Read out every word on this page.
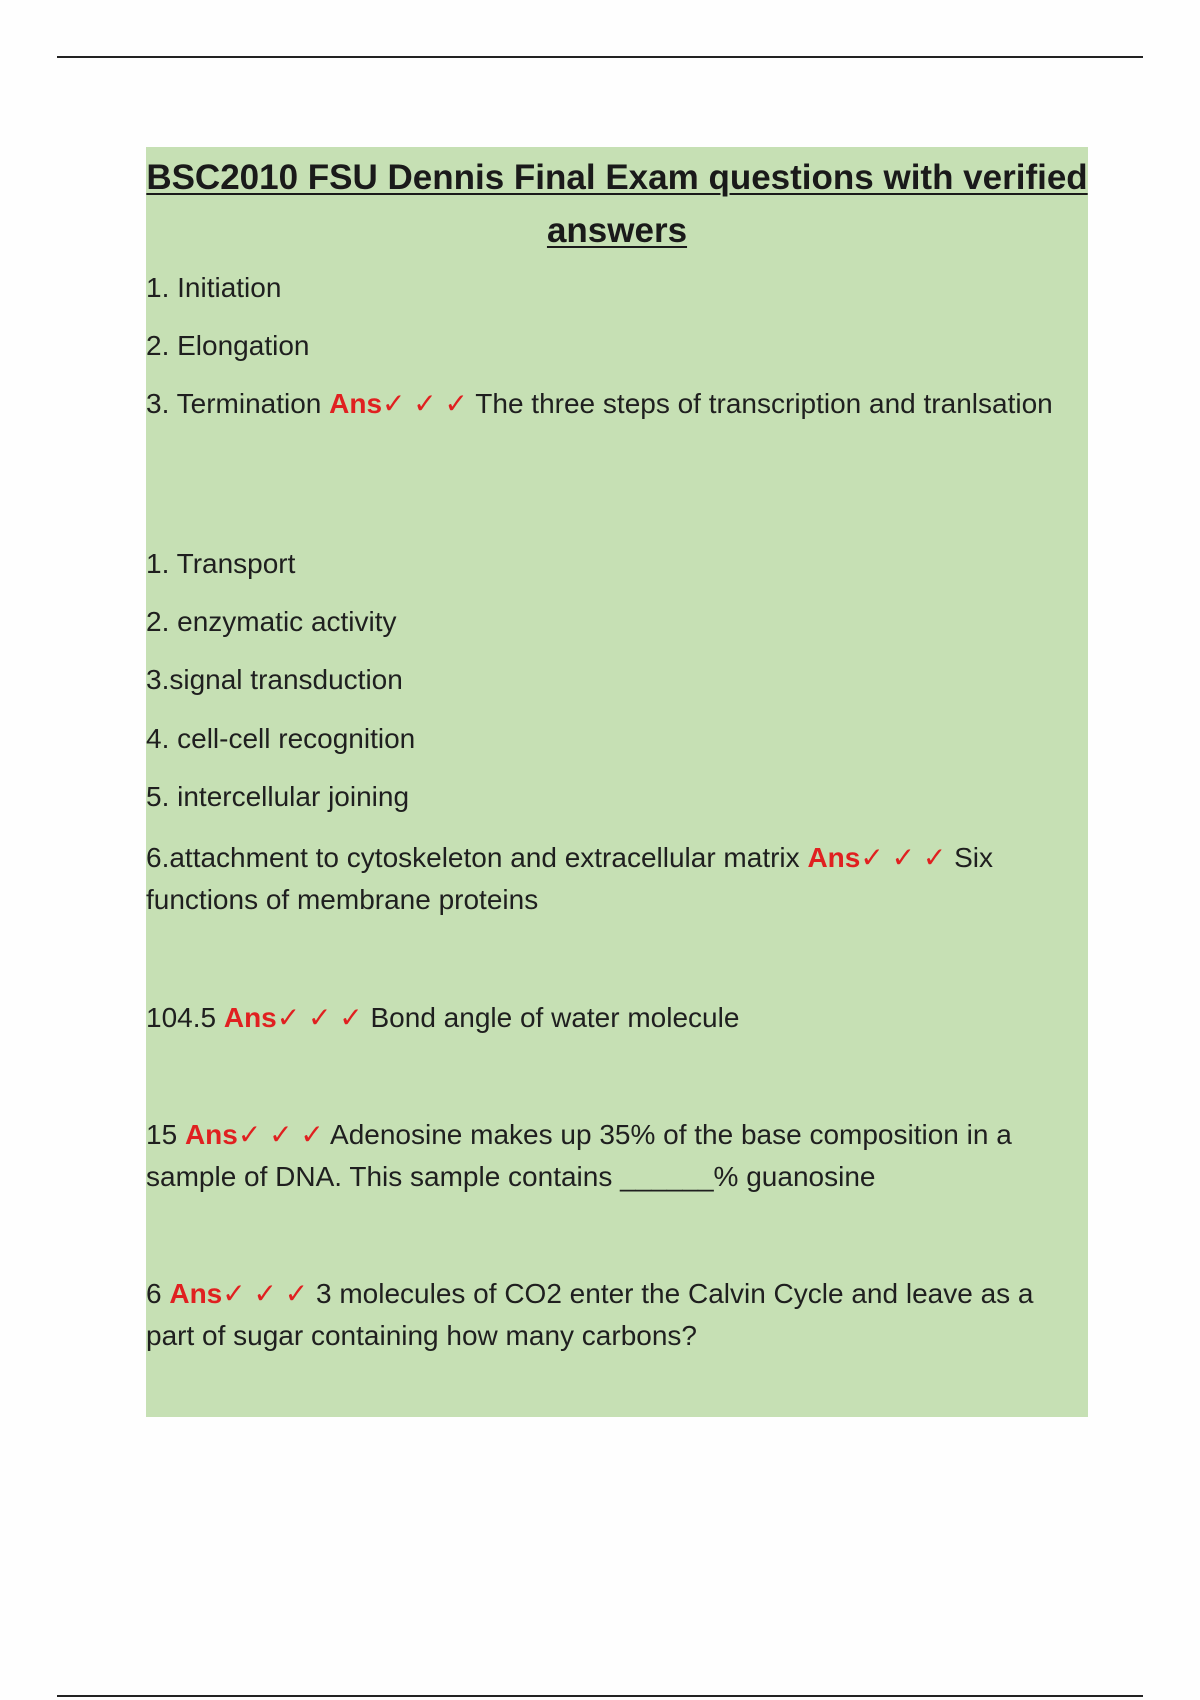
BSC2010 FSU Dennis Final Exam questions with verified answers
1. Initiation
2. Elongation
3. Termination Ans✓ ✓ ✓ The three steps of transcription and tranlsation
1. Transport
2. enzymatic activity
3.signal transduction
4. cell-cell recognition
5. intercellular joining
6.attachment to cytoskeleton and extracellular matrix Ans✓ ✓ ✓ Six functions of membrane proteins
104.5 Ans✓ ✓ ✓ Bond angle of water molecule
15 Ans✓ ✓ ✓ Adenosine makes up 35% of the base composition in a sample of DNA. This sample contains ______% guanosine
6 Ans✓ ✓ ✓ 3 molecules of CO2 enter the Calvin Cycle and leave as a part of sugar containing how many carbons?
